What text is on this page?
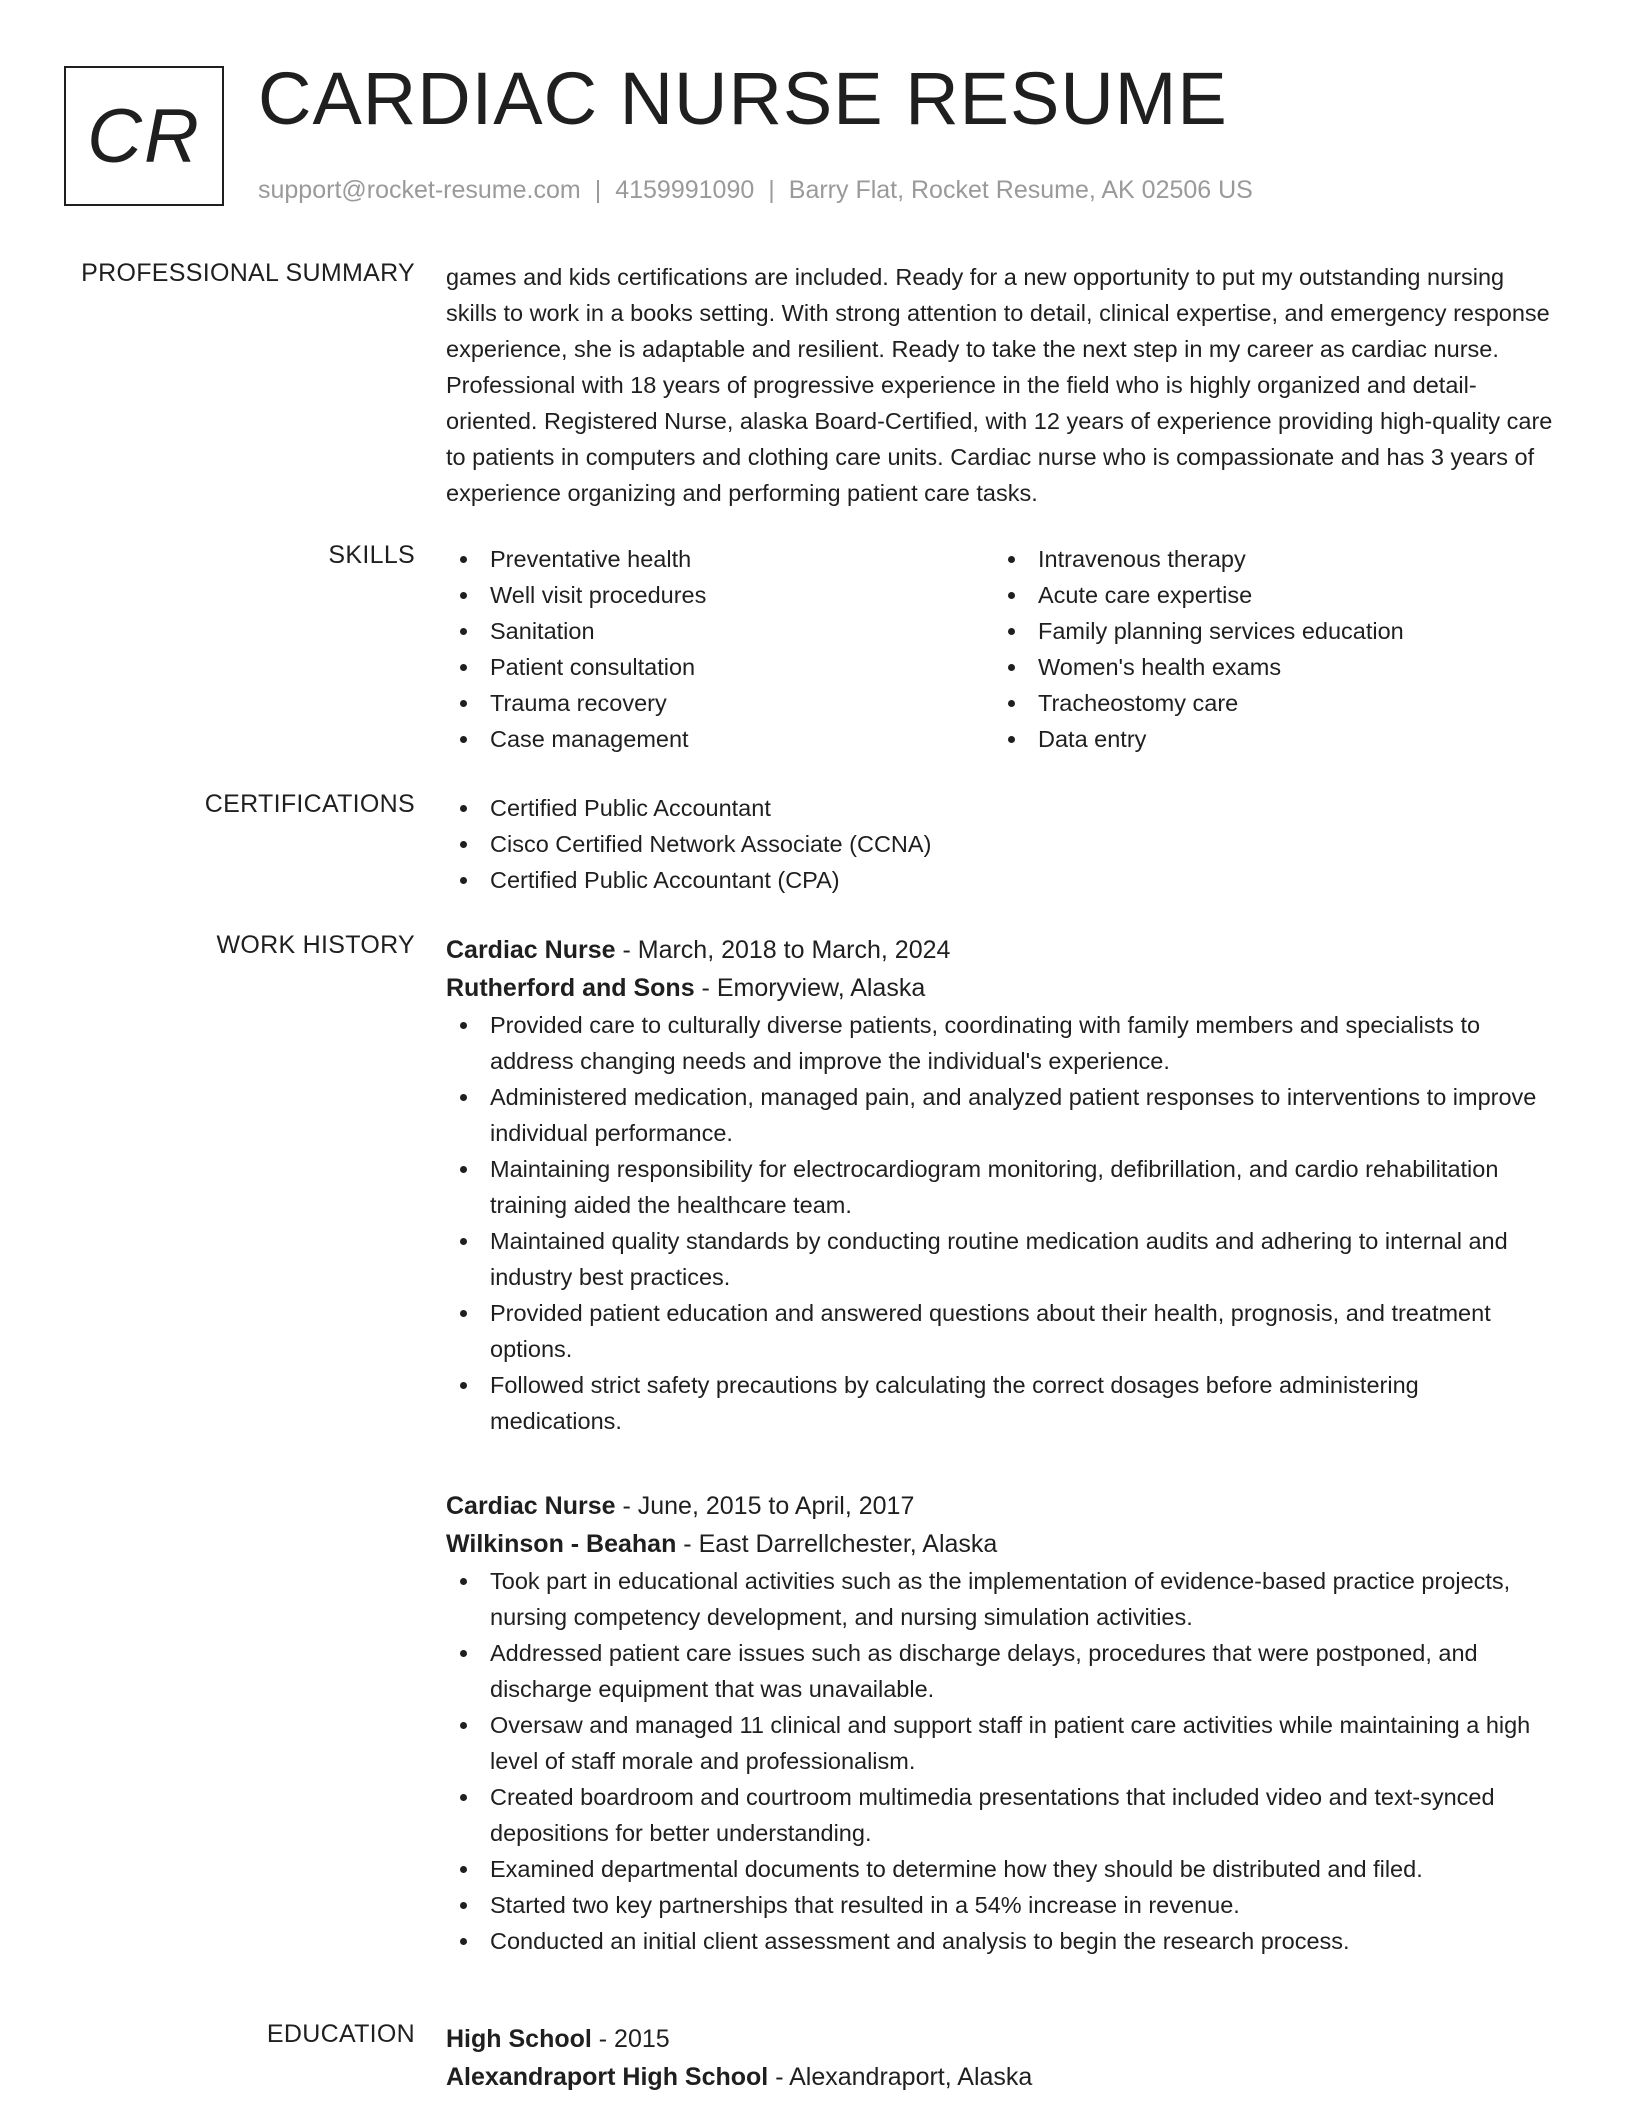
CR CARDIAC NURSE RESUME
support@rocket-resume.com | 4159991090 | Barry Flat, Rocket Resume, AK 02506 US
PROFESSIONAL SUMMARY games and kids certifications are included. Ready for a new opportunity to put my outstanding nursing skills to work in a books setting. With strong attention to detail, clinical expertise, and emergency response experience, she is adaptable and resilient. Ready to take the next step in my career as cardiac nurse. Professional with 18 years of progressive experience in the field who is highly organized and detail-oriented. Registered Nurse, alaska Board-Certified, with 12 years of experience providing high-quality care to patients in computers and clothing care units. Cardiac nurse who is compassionate and has 3 years of experience organizing and performing patient care tasks.

SKILLS	Preventative health
Well visit procedures
Sanitation
Patient consultation
Trauma recovery
Case management
Intravenous therapy
Acute care expertise
Family planning services education
Women's health exams
Tracheostomy care
Data entry
CERTIFICATIONS	Certified Public Accountant
Cisco Certified Network Associate (CCNA)
Certified Public Accountant (CPA)
WORK HISTORY Cardiac Nurse - March, 2018 to March, 2024
Rutherford and Sons - Emoryview, Alaska
Provided care to culturally diverse patients, coordinating with family members and specialists to address changing needs and improve the individual's experience.
Administered medication, managed pain, and analyzed patient responses to interventions to improve individual performance.
Maintaining responsibility for electrocardiogram monitoring, defibrillation, and cardio rehabilitation training aided the healthcare team.
Maintained quality standards by conducting routine medication audits and adhering to internal and industry best practices.
Provided patient education and answered questions about their health, prognosis, and treatment options.
Followed strict safety precautions by calculating the correct dosages before administering medications.
Cardiac Nurse - June, 2015 to April, 2017
Wilkinson - Beahan - East Darrellchester, Alaska
Took part in educational activities such as the implementation of evidence-based practice projects, nursing competency development, and nursing simulation activities.
Addressed patient care issues such as discharge delays, procedures that were postponed, and discharge equipment that was unavailable.
Oversaw and managed 11 clinical and support staff in patient care activities while maintaining a high level of staff morale and professionalism.
Created boardroom and courtroom multimedia presentations that included video and text-synced depositions for better understanding.
Examined departmental documents to determine how they should be distributed and filed.
Started two key partnerships that resulted in a 54% increase in revenue.
Conducted an initial client assessment and analysis to begin the research process.
EDUCATION High School - 2015
Alexandraport High School - Alexandraport, Alaska
